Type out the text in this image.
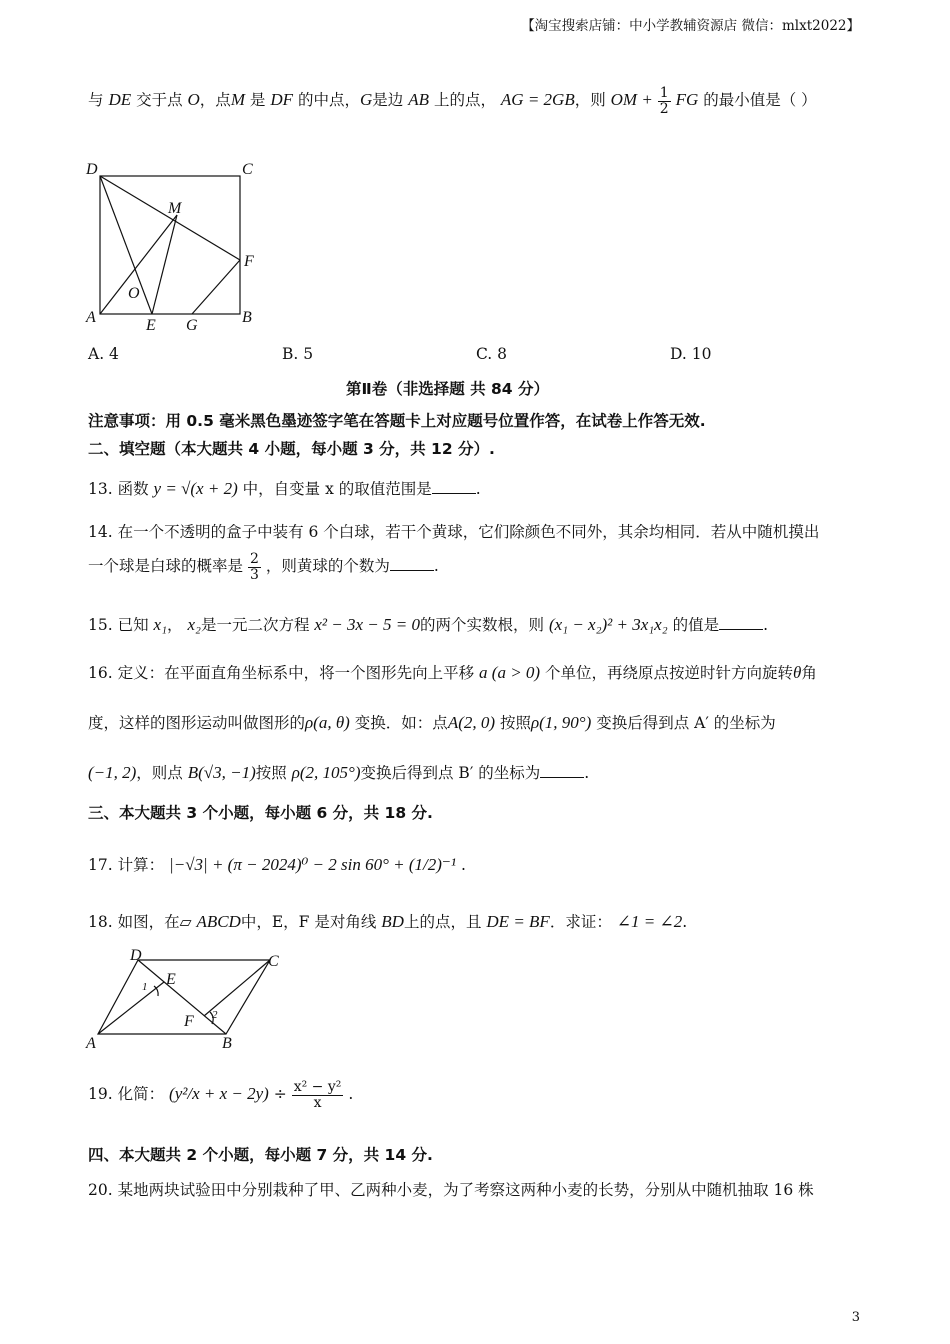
【淘宝搜索店铺：中小学教辅资源店 微信：mlxt2022】
与 DE 交于点 O，点M 是 DF 的中点，G是边 AB 上的点， AG = 2GB，则 OM + $\frac{1}{2}$ FG 的最小值是（ ）
D	C
M
F
O
A	E G	B
A. 4	B. 5	C. 8	D. 10
第Ⅱ卷（非选择题 共 84 分）
注意事项：用 0.5 毫米黑色墨迹签字笔在答题卡上对应题号位置作答，在试卷上作答无效.
二、填空题（本大题共 4 小题，每小题 3 分，共 12 分）.
13. 函数 y = √(x + 2) 中，自变量 x 的取值范围是	.
14. 在一个不透明的盒子中装有 6 个白球，若干个黄球，它们除颜色不同外，其余均相同．若从中随机摸出
一个球是白球的概率是 $\frac{2}{3}$ ，则黄球的个数为	.
15. 已知 x₁， x₂是一元二次方程 x² − 3x − 5 = 0的两个实数根，则 (x₁ − x₂)² + 3x₁x₂ 的值是	.
16. 定义：在平面直角坐标系中，将一个图形先向上平移 a (a > 0) 个单位，再绕原点按逆时针方向旋转θ角
度，这样的图形运动叫做图形的ρ(a, θ) 变换．如：点A(2, 0) 按照ρ(1, 90°) 变换后得到点 A′ 的坐标为
(−1, 2)，则点 B(√3, −1)按照 ρ(2, 105°)变换后得到点 B′ 的坐标为	.
三、本大题共 3 个小题，每小题 6 分，共 18 分.
17. 计算： |−√3| + (π − 2024)⁰ − 2 sin 60° + (1/2)⁻¹ .
18. 如图，在▱ ABCD中，E，F 是对角线 BD上的点，且 DE = BF．求证： ∠1 = ∠2.
D	C
E
1
F 2
A	B
19. 化简： $(y^2/x + x - 2y) \div \frac{\text{x² − y²}}{x}$ .
四、本大题共 2 个小题，每小题 7 分，共 14 分.
20. 某地两块试验田中分别栽种了甲、乙两种小麦，为了考察这两种小麦的长势，分别从中随机抽取 16 株
3
